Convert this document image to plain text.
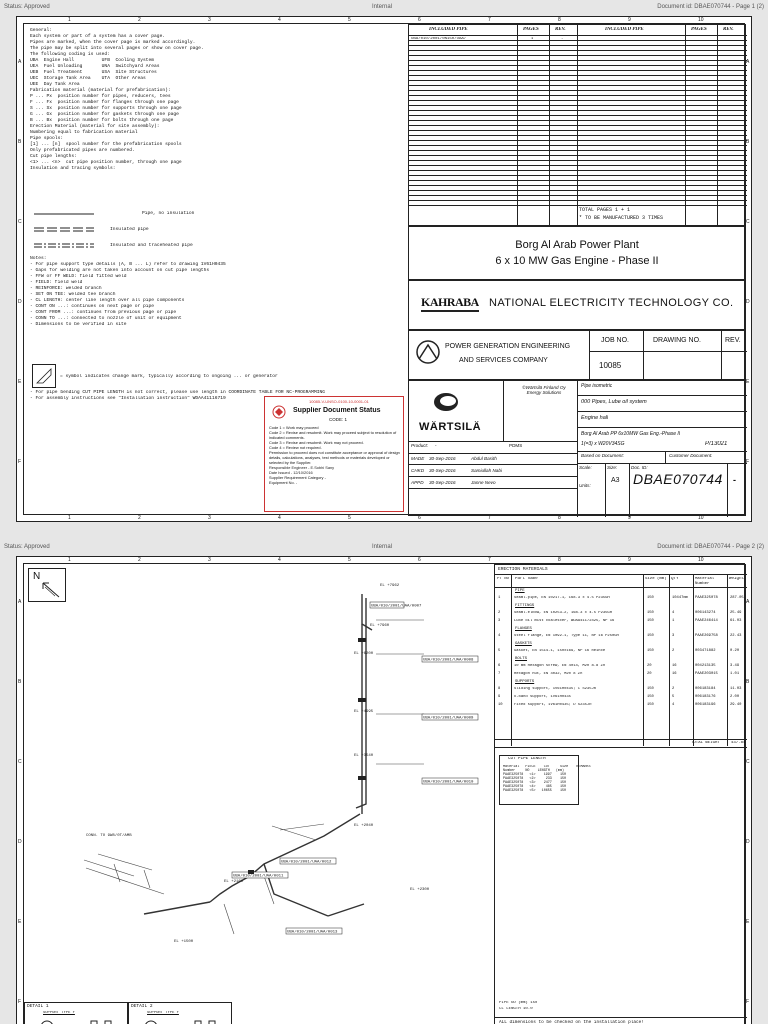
Status: Approved	Internal	Document id: DBAE070744 - Page 1 (2)
1	2	3	4	5	6	7	8	9	10
1	2	3	4	5	6	7	8	9	10
A
B
C
D
E
F
A
B
C
D
E
F
General:
Each system or part of a system has a cover page.
Pipes are marked, when the cover page is marked accordingly.
The pipe may be split into several pages or show on cover page.
The following coding is used:
UBA  Engine Hall          UFB  Cooling System
UEA  Fuel Unloading       UNA  Switchyard Areas
UEB  Fuel Treatment       USA  Site Structures
UEC  Storage Tank Area    UTA  Other Areas
UEE  Day Tank Area
Fabrication material (material for prefabrication):
P ... Px  position number for pipes, reducers, tees
F ... Fx  position number for flanges through one page
S ... Sx  position number for supports through one page
G ... Gx  position number for gaskets through one page
B ... Bx  position number for bolts through one page
Erection Material (material for site assembly):
Numbering equal to fabrication material
Pipe spools:
[1] ... [n]  spool number for the prefabrication spools
Only prefabricated pipes are numbered.
Cut pipe lengths:
<1> ... <n>  cut pipe position number, through one page
Insulation and tracing symbols:
Pipe, no insulation
Insulated pipe
Insulated and traceheated pipe
Notes:
- For pipe support type details (A, B ... L) refer to drawing 1V61H0435
- Gaps for welding are not taken into account on cut pipe lengths
- FFW or FF WELD: field fitted weld
- FIELD: field weld
- REINFORCE: welded branch
- SET ON TEE: welded tee branch
- CL LENGTH: center line length over all pipe components
- CONT ON ...: continues on next page or pipe
- CONT FROM ...: continues from previous page or pipe
- CONN TO ...: connected to nozzle of unit or equipment
- Dimensions to be verified in site
= symbol indicates change mark, typically according to ongoing ... or generator
- For pipe bending CUT PIPE LENGTH is not correct, please use length in COORDINATE TABLE FOR NC-PROGRAMMING
- For assembly instructions see "Installation instruction" WDAA41116719
10085-V-UNSO-0100-10-0001-01
Supplier Document Status
CODE: 1
Code 1 = Work may proceed
Code 2 = Revise and resubmit. Work may proceed subject to resolution of indicated comments.
Code 3 = Revise and resubmit. Work may not proceed.
Code 4 = Review not required.
Permission to proceed does not constitute acceptance or approval of design details, calculations, analyses, test methods or materials developed or selected by the Supplier.
Responsible Engineer - E.Sobhi Sany
Date Issued - 12/10/2016
Supplier Requirement Category -
Equipment No. -
INCLUDED PIPE	PAGES	REV.	INCLUDED PIPE	PAGES	REV.
UBA/010/2001/0N150/UAA/	1	-
TOTAL PAGES 1 + 1
* TO BE MANUFACTURED 3 TIMES
Borg Al Arab Power Plant
6 x 10 MW Gas Engine - Phase II
KAHRABA NATIONAL ELECTRICITY TECHNOLOGY CO.
POWER GENERATION ENGINEERING
AND SERVICES COMPANY
JOB NO.	DRAWING NO.	REV.
10085
WÄRTSILÄ
©Wärtsilä Finland Oy
Energy Solutions
Product: -	PDMS
MADE 30-Sep-2016	Abdul Basith
CHKD 30-Sep-2016	Samiullah Nabi
APPD 30-Sep-2016	Janne Nevo
Pipe isometric
000 Pipes, Lube oil system
Engine hall
Borg Al Arab PP 6x10MW Gas Eng.-Phase II
1(=3) x W20V34SG	P/13021
Based on Document:	Customer Document:
Scale:	Size:
A3
Doc. ID:
DBAE070744 -
Units:
Status: Approved	Internal	Document id: DBAE070744 - Page 2 (2)
1	2	3	4	5	6	7	8	9	10
A
B
C
D
E
F
A
B
C
D
E
F
N
EL +7962
EL +7960
EL +6200
EL +4995
EL +3540
EL +2040
EL +2300
EL +2160
EL +1500
UBA/010/2001/UAA/0007
UBA/010/2001/UAA/0008
UBA/010/2001/UAA/0009
UBA/010/2001/UAA/0010
UBA/010/2001/UAA/0011
UBA/010/2001/UAA/0012
UBA/010/2001/UAA/0013
CONN. TO 9W8/0T/AMB
DETAIL 1
SUPPORT TYPE F
DETAIL 2
SUPPORT TYPE F
ERECTION MATERIALS
PT NO	Part name	Size (mm)	QTY	Material Number
Weight
PIPE
1	Seaml.pipe, EN 10217-1, 168.3 x 4.5 P235GH	150	10447mm PAAE325078	287.05
FITTINGS
2	Seaml.elbow, EN 10253-2, 168.3 x 4.5 P235GH	150	4	006143274	25.49
3	Lube oil mist coalescer, WDAA41172425, NP 16	150	1	PAAE246414	61.03
FLANGES
4	Steel flange, EN 1092-1, Type 11, NP 16 P250GH	150	3	PAAE269758	22.43
GASKETS
5	Gasket, EN 1514-1, 150x169, NP 16 Reince	150	2	003471882	0.20
BOLTS
6	10 mm Hexagon screw, EN 4014, M20 8.8 Zn	20	16	004213135	3.49
7	Hexagon nut, EN 4032, M20 8 Zn	20	16	PAAE203015	1.01
SUPPORTS
8	Sliding support, 1V61H0435; C S235JR	150	2	006183184	11.03
9	U-band support, 1V61H0435	150	5	006183176	2.00
10	Fixed support, 1V61H0435; D S235JR	150	4	006183196	29.40
TOTAL WEIGHT	437.84
CUT PIPE LENGTH
Material   PIECE    CUT     Size    REMARKS
Number     NO    LENGTH   (mm)
PAAE325078   <1>    1997    150
PAAE325078   <2>     233    150
PAAE325078   <3>    2477    150
PAAE325078   <4>     485    150
PAAE325078   <5>   10655    150
PIPE OD (mm) 150
CL LENGTH 10.0
ALL dimensions to be checked on the installation place!
